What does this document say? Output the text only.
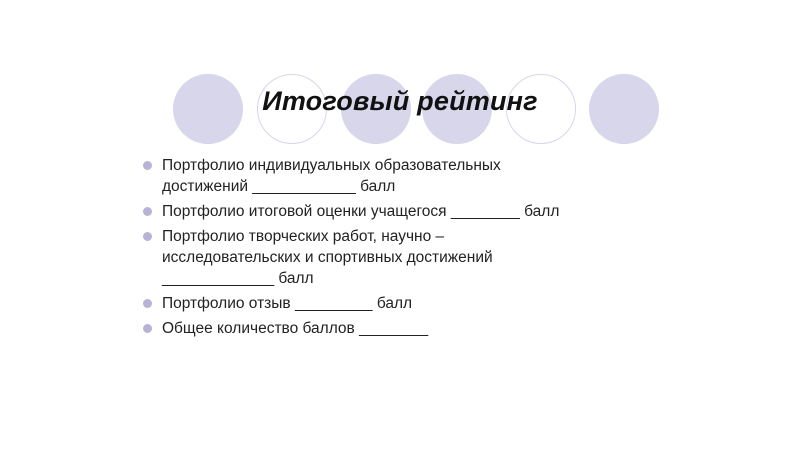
Итоговый рейтинг
Портфолио индивидуальных образовательных
достижений ____________ балл
Портфолио итоговой оценки учащегося ________ балл
Портфолио творческих работ, научно –
исследовательских и спортивных достижений
_____________ балл
Портфолио отзыв _________ балл
Общее количество баллов ________
